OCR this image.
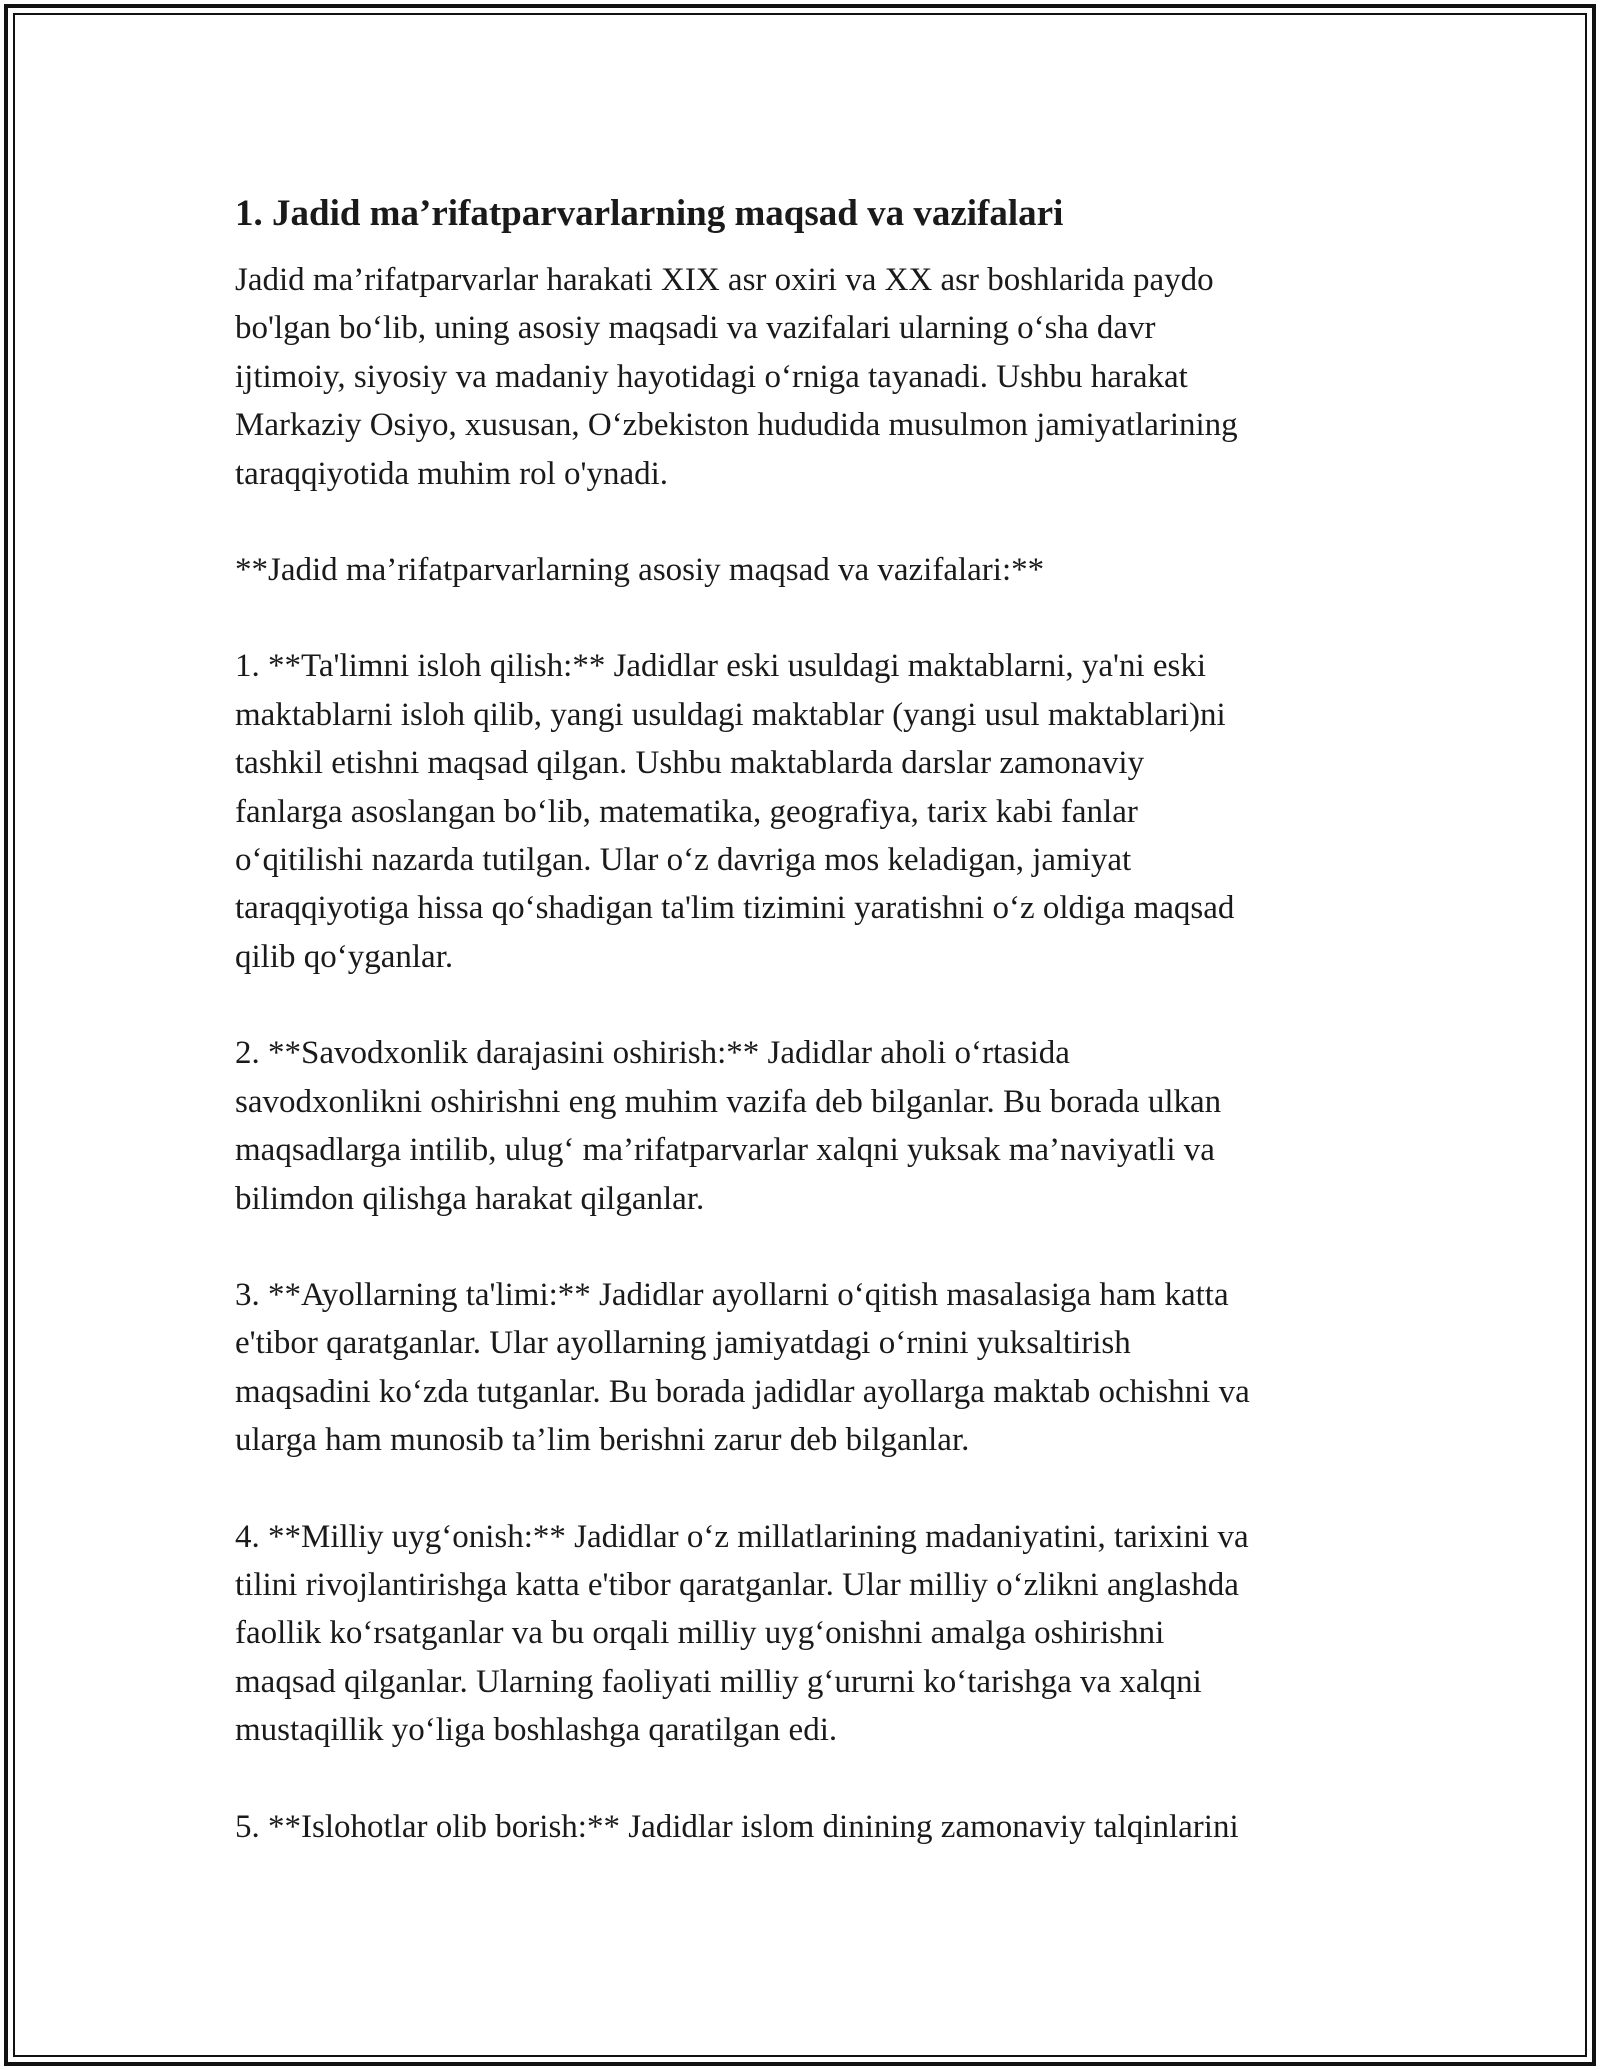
1. Jadid ma’rifatparvarlarning maqsad va vazifalari

Jadid ma’rifatparvarlar harakati XIX asr oxiri va XX asr boshlarida paydo
bo'lgan bo‘lib, uning asosiy maqsadi va vazifalari ularning o‘sha davr
ijtimoiy, siyosiy va madaniy hayotidagi o‘rniga tayanadi. Ushbu harakat
Markaziy Osiyo, xususan, O‘zbekiston hududida musulmon jamiyatlarining
taraqqiyotida muhim rol o'ynadi.

**Jadid ma’rifatparvarlarning asosiy maqsad va vazifalari:**

1. **Ta'limni isloh qilish:** Jadidlar eski usuldagi maktablarni, ya'ni eski
maktablarni isloh qilib, yangi usuldagi maktablar (yangi usul maktablari)ni
tashkil etishni maqsad qilgan. Ushbu maktablarda darslar zamonaviy
fanlarga asoslangan bo‘lib, matematika, geografiya, tarix kabi fanlar
o‘qitilishi nazarda tutilgan. Ular o‘z davriga mos keladigan, jamiyat
taraqqiyotiga hissa qo‘shadigan ta'lim tizimini yaratishni o‘z oldiga maqsad
qilib qo‘yganlar.

2. **Savodxonlik darajasini oshirish:** Jadidlar aholi o‘rtasida
savodxonlikni oshirishni eng muhim vazifa deb bilganlar. Bu borada ulkan
maqsadlarga intilib, ulug‘ ma’rifatparvarlar xalqni yuksak ma’naviyatli va
bilimdon qilishga harakat qilganlar.

3. **Ayollarning ta'limi:** Jadidlar ayollarni o‘qitish masalasiga ham katta
e'tibor qaratganlar. Ular ayollarning jamiyatdagi o‘rnini yuksaltirish
maqsadini ko‘zda tutganlar. Bu borada jadidlar ayollarga maktab ochishni va
ularga ham munosib ta’lim berishni zarur deb bilganlar.

4. **Milliy uyg‘onish:** Jadidlar o‘z millatlarining madaniyatini, tarixini va
tilini rivojlantirishga katta e'tibor qaratganlar. Ular milliy o‘zlikni anglashda
faollik ko‘rsatganlar va bu orqali milliy uyg‘onishni amalga oshirishni
maqsad qilganlar. Ularning faoliyati milliy g‘ururni ko‘tarishga va xalqni
mustaqillik yo‘liga boshlashga qaratilgan edi.

5. **Islohotlar olib borish:** Jadidlar islom dinining zamonaviy talqinlarini
